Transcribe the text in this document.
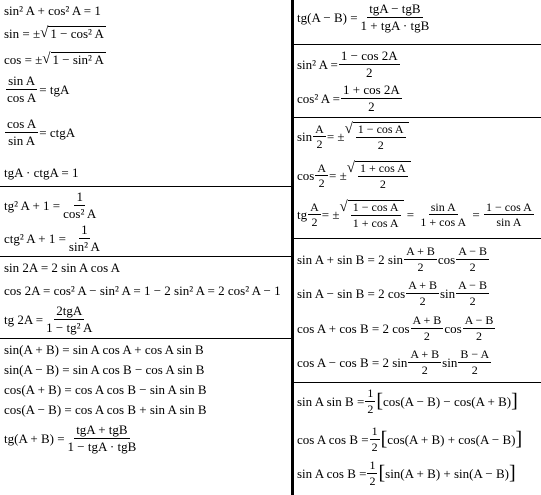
sin² A + cos² A = 1
sin = ± √ 1 − cos² A
cos = ± √ 1 − sin² A
$\frac{\text{sin A}}{\text{cos A}}$ = tgA
$\frac{\text{cos A}}{\text{sin A}}$ = ctgA
tgA · ctgA = 1
tg² $A + 1 = \frac{1}{\text{cos² A}}$
ctg² $A + 1 = \frac{1}{\text{sin² A}}$
sin 2A = 2 sin A cos A
cos 2A = cos² A − sin² A = 1 − 2 sin² A = 2 cos² A − 1
tg $2A = \frac{\text{2tgA}}{\text{1 − tg² A}}$
sin(A + B) = sin A cos A + cos A sin B
sin(A − B) = sin A cos B − cos A sin B
cos(A + B) = cos A cos B − sin A sin B
cos(A − B) = cos A cos B + sin A sin B
$tg(A + B) = \frac{\text{tgA + tgB}}{\text{1 − tgA · tgB}}$
$tg(A - B) = \frac{\text{tgA − tgB}}{\text{1 + tgA · tgB}}$
sin² $A = \frac{1 - \cos 2A}{2}$
cos² $A = \frac{1 + \cos 2A}{2}$
$\sin \frac{A}{2}$ = ± √ $\frac{\text{1 − cos A}}{2}$
$\cos \frac{A}{2}$ = ± √ $\frac{\text{1 + cos A}}{2}$
tg $\frac{A}{2}$ = ± √ $\frac{\text{1 − cos A}}{\text{1 + cos A}} = \frac{\text{sin A}}{\text{1 + cos A}} = \frac{\text{1 − cos A}}{\text{sin A}}$
sin A + sin B = 2 $\sin \frac{A + B}{2}$ $\cos \frac{A - B}{2}$
sin A − sin B = 2 $\cos \frac{A + B}{2}$ $\sin \frac{A - B}{2}$
cos A + cos B = 2 $\cos \frac{A + B}{2}$ $\cos \frac{A - B}{2}$
cos A − cos B = 2 $\sin \frac{A + B}{2}$ $\sin \frac{B - A}{2}$
sin A $\sin B = \frac{1}{2}$ [ cos(A − B) − cos(A + B) ]
cos A $\cos B = \frac{1}{2}$ [ cos(A + B) + cos(A − B) ]
sin A $\cos B = \frac{1}{2}$ [ sin(A + B) + sin(A − B) ]
